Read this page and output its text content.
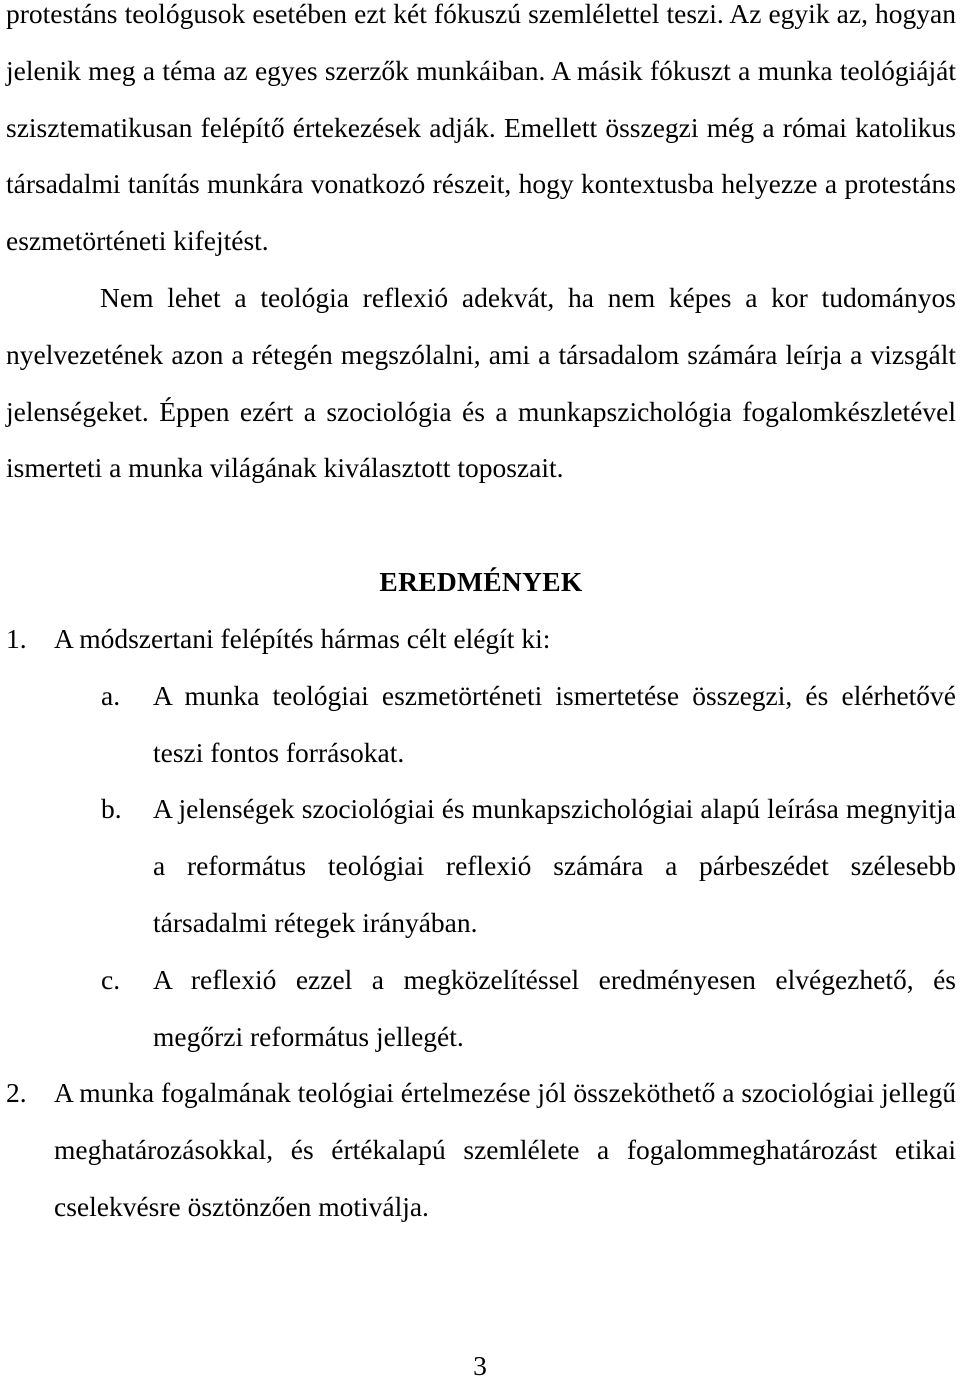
protestáns teológusok esetében ezt két fókuszú szemlélettel teszi. Az egyik az, hogyan jelenik meg a téma az egyes szerzők munkáiban. A másik fókuszt a munka teológiáját szisztematikusan felépítő értekezések adják. Emellett összegzi még a római katolikus társadalmi tanítás munkára vonatkozó részeit, hogy kontextusba helyezze a protestáns eszmetörténeti kifejtést.

Nem lehet a teológia reflexió adekvát, ha nem képes a kor tudományos nyelvezetének azon a rétegén megszólalni, ami a társadalom számára leírja a vizsgált jelenségeket. Éppen ezért a szociológia és a munkapszichológia fogalomkészletével ismerteti a munka világának kiválasztott toposzait.

EREDMÉNYEK
1. A módszertani felépítés hármas célt elégít ki:
a. A munka teológiai eszmetörténeti ismertetése összegzi, és elérhetővé teszi fontos forrásokat.
b. A jelenségek szociológiai és munkapszichológiai alapú leírása megnyitja a református teológiai reflexió számára a párbeszédet szélesebb társadalmi rétegek irányában.
c. A reflexió ezzel a megközelítéssel eredményesen elvégezhető, és megőrzi református jellegét.
2. A munka fogalmának teológiai értelmezése jól összeköthető a szociológiai jellegű meghatározásokkal, és értékalapú szemlélete a fogalommeghatározást etikai cselekvésre ösztönzően motiválja.
3
